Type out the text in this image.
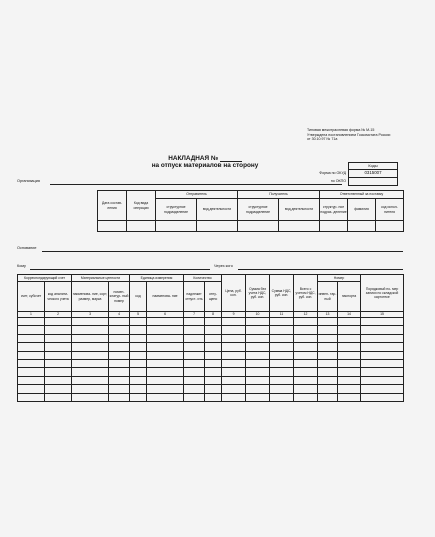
Типовая межотраслевая форма № М-15
Утверждена постановлением Госкомстата России
от 30.10.97 № 71а
НАКЛАДНАЯ №
на отпуск материалов на сторону	Коды
0315007

Форма по ОКУД
по ОКПО
Организация
Дата состав- ления	Код вида операции	Отправитель		Получатель		Ответственный за поставку		
		структурное подразделение	вид деятельности	структурное подразделение	вид деятельности	структур- ное подраз- деление	фамилия	код испол- нителя

Основание
Кому	Через кого
Корреспондирующий счет		Материальные ценности		Единица измерения		Количество		Цена, руб. коп.	Сумма без учета НДС, руб. коп.	Сумма НДС, руб. коп.	Всего с учетом НДС, руб. коп.	Номер		Порядковый но- мер записи по складской картотеке
счет, субсчет	код аналити- ческого учета	наименова- ние, сорт, размер, марка	номен- клатур- ный номер	код	наименова- ние	надлежит отпуст- ить	отпу- щено					инвен- тар- ный	паспорта	
1	2	3	4	5	6	7	8	9	10	11	12	13	14	15
